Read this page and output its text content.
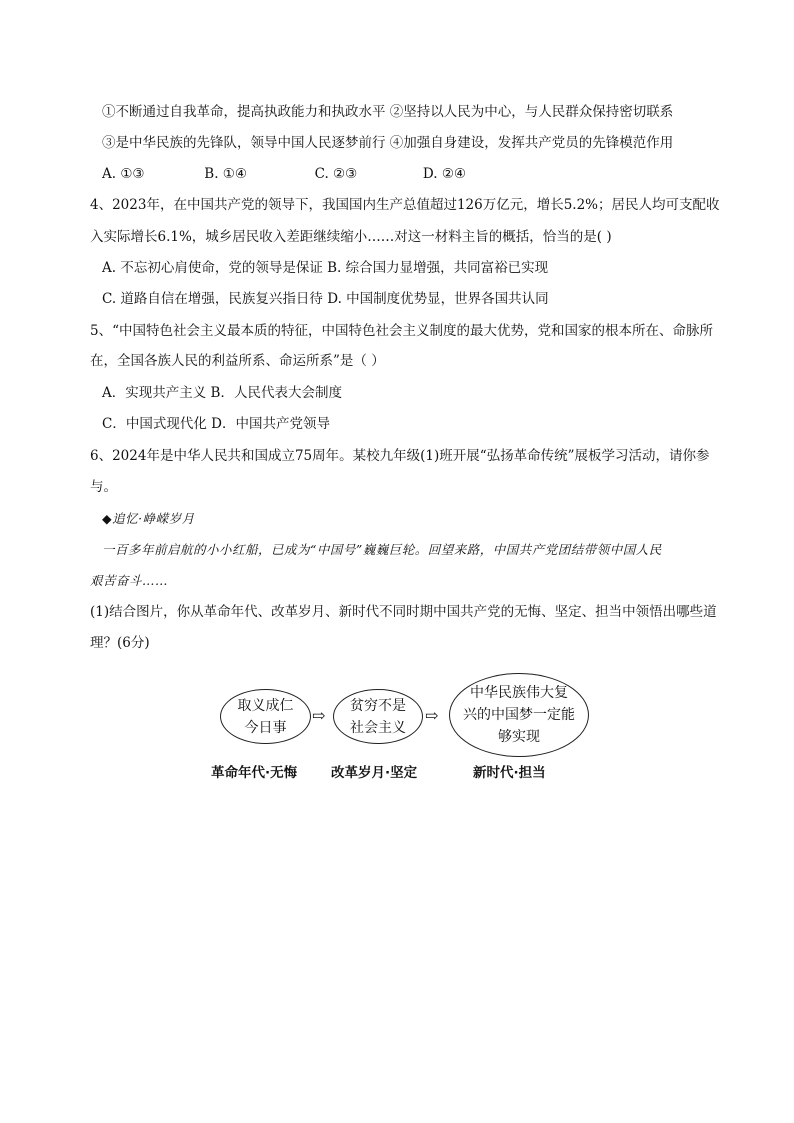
①不断通过自我革命，提高执政能力和执政水平 ②坚持以人民为中心，与人民群众保持密切联系
③是中华民族的先锋队，领导中国人民逐梦前行 ④加强自身建设，发挥共产党员的先锋模范作用
A. ①③	B. ①④	C. ②③	D. ②④
4、2023年，在中国共产党的领导下，我国国内生产总值超过126万亿元，增长5.2%；居民人均可支配收
入实际增长6.1%，城乡居民收入差距继续缩小……对这一材料主旨的概括，恰当的是( )
A. 不忘初心肩使命，党的领导是保证 B. 综合国力显增强，共同富裕已实现
C. 道路自信在增强，民族复兴指日待 D. 中国制度优势显，世界各国共认同
5、“中国特色社会主义最本质的特征，中国特色社会主义制度的最大优势，党和国家的根本所在、命脉所
在，全国各族人民的利益所系、命运所系”是（ ）
A．实现共产主义 B．人民代表大会制度
C．中国式现代化 D．中国共产党领导
6、2024年是中华人民共和国成立75周年。某校九年级(1)班开展“弘扬革命传统”展板学习活动，请你参
与。
◆追忆·峥嵘岁月
一百多年前启航的小小红船，已成为“中国号”巍巍巨轮。回望来路，中国共产党团结带领中国人民
艰苦奋斗……
(1)结合图片，你从革命年代、改革岁月、新时代不同时期中国共产党的无悔、坚定、担当中领悟出哪些道
理？(6分)
取义成仁
今日事
⇨
贫穷不是
社会主义
⇨
中华民族伟大复
兴的中国梦一定能
够实现
革命年代·无悔	改革岁月·坚定	新时代·担当
